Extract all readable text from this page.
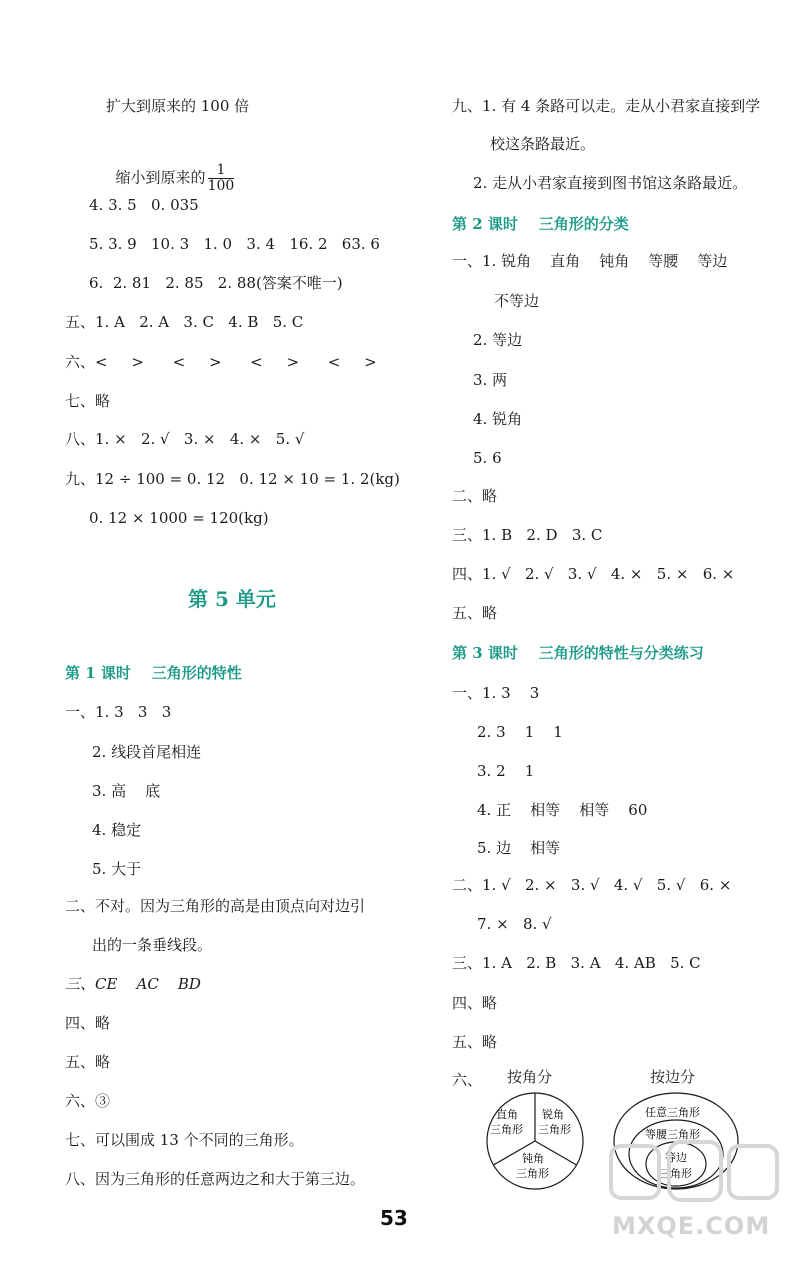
扩大到原来的 100 倍

缩小到原来的 $\frac{1}{100}$

4. 3. 5   0. 035
5. 3. 9   10. 3   1. 0   3. 4   16. 2   63. 6
6.  2. 81   2. 85   2. 88(答案不唯一)
五、1. A   2. A   3. C   4. B   5. C
六、<     >      <     >      <     >      <     >
七、略
八、1. ×   2. √   3. ×   4. ×   5. √
九、12 ÷ 100 = 0. 12   0. 12 × 10 = 1. 2(kg)
0. 12 × 1000 = 120(kg)
第 5 单元
第 1 课时    三角形的特性
一、1. 3   3   3
2. 线段首尾相连
3. 高    底
4. 稳定
5. 大于
二、不对。因为三角形的高是由顶点向对边引
出的一条垂线段。
三、CE    AC    BD
四、略
五、略
六、③
七、可以围成 13 个不同的三角形。
八、因为三角形的任意两边之和大于第三边。
九、1. 有 4 条路可以走。走从小君家直接到学
校这条路最近。
2. 走从小君家直接到图书馆这条路最近。
第 2 课时    三角形的分类
一、1. 锐角    直角    钝角    等腰    等边
不等边
2. 等边
3. 两
4. 锐角
5. 6
二、略
三、1. B   2. D   3. C
四、1. √   2. √   3. √   4. ×   5. ×   6. ×
五、略
第 3 课时    三角形的特性与分类练习
一、1. 3    3
2. 3    1    1
3. 2    1
4. 正    相等    相等    60
5. 边    相等
二、1. √   2. ×   3. √   4. √   5. √   6. ×
7. ×   8. √
三、1. A   2. B   3. A   4. AB   5. C
四、略
五、略
六、 按角分
直角
三角形
锐角
三角形
钝角
三角形
按边分
任意三角形
等腰三角形
等边
三角形
53	MXQE.COM
